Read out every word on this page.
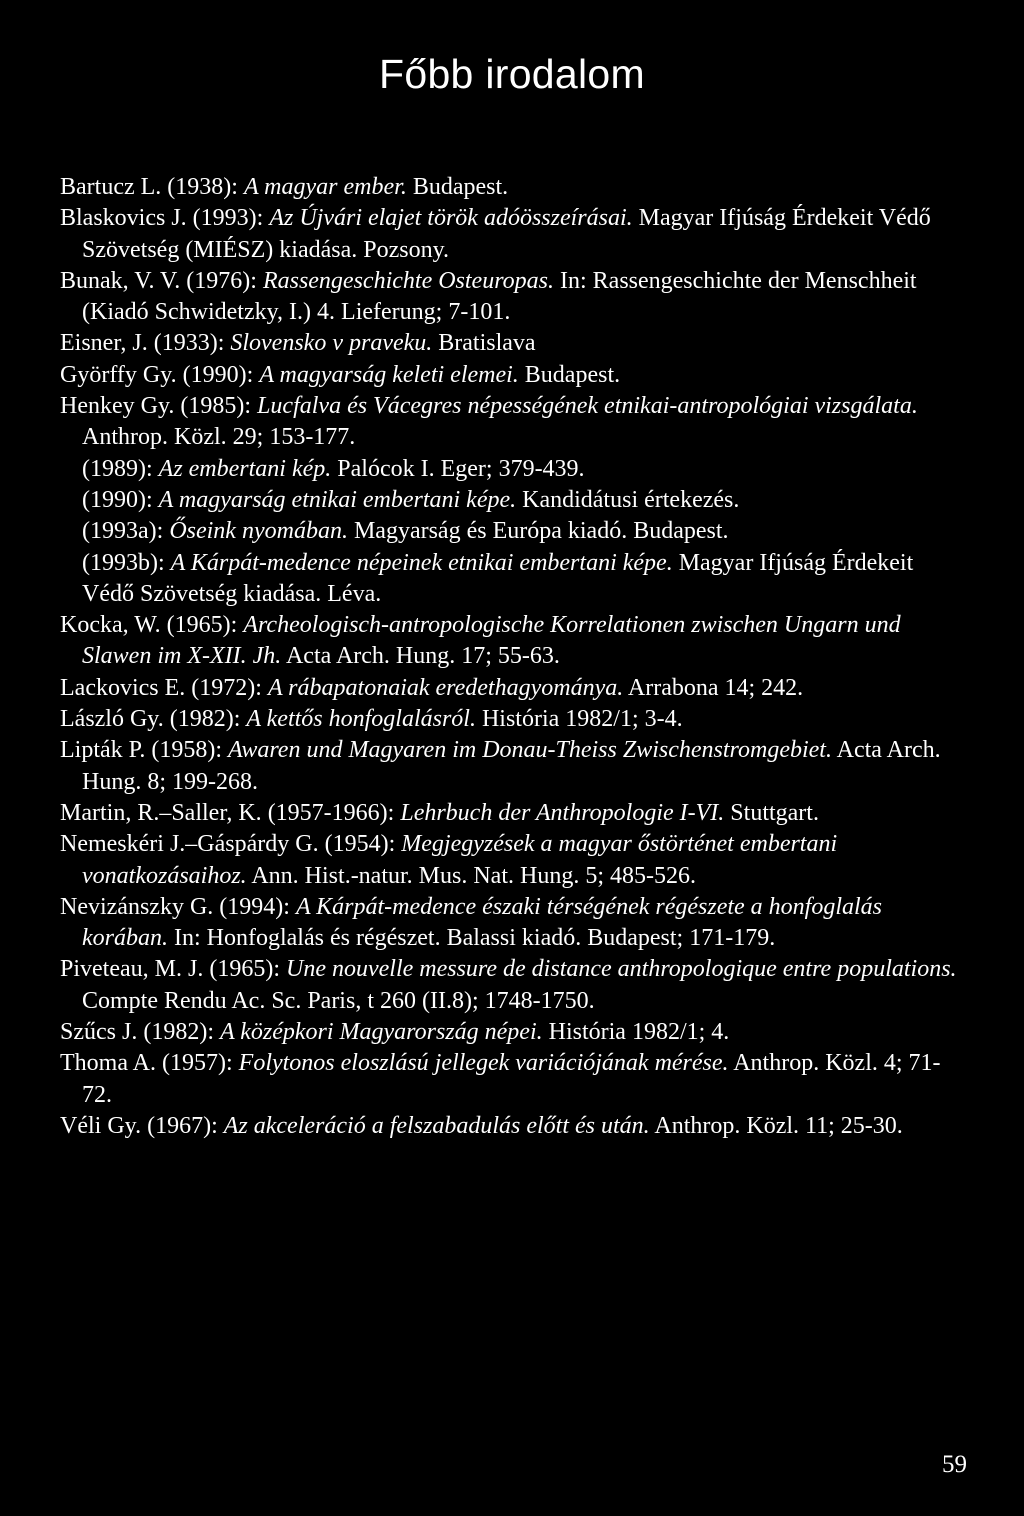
Főbb irodalom

Bartucz L. (1938): A magyar ember. Budapest.

Blaskovics J. (1993): Az Újvári elajet török adóösszeírásai. Magyar Ifjúság Érdekeit Védő Szövetség (MIÉSZ) kiadása. Pozsony.

Bunak, V. V. (1976): Rassengeschichte Osteuropas. In: Rassengeschichte der Menschheit (Kiadó Schwidetzky, I.) 4. Lieferung; 7-101.

Eisner, J. (1933): Slovensko v praveku. Bratislava

Györffy Gy. (1990): A magyarság keleti elemei. Budapest.

Henkey Gy. (1985): Lucfalva és Vácegres népességének etnikai-antropológiai vizsgálata. Anthrop. Közl. 29; 153-177.

(1989): Az embertani kép. Palócok I. Eger; 379-439.

(1990): A magyarság etnikai embertani képe. Kandidátusi értekezés.

(1993a): Őseink nyomában. Magyarság és Európa kiadó. Budapest.

(1993b): A Kárpát-medence népeinek etnikai embertani képe. Magyar Ifjúság Érdekeit Védő Szövetség kiadása. Léva.

Kocka, W. (1965): Archeologisch-antropologische Korrelationen zwischen Ungarn und Slawen im X-XII. Jh. Acta Arch. Hung. 17; 55-63.

Lackovics E. (1972): A rábapatonaiak eredethagyománya. Arrabona 14; 242.

László Gy. (1982): A kettős honfoglalásról. História 1982/1; 3-4.

Lipták P. (1958): Awaren und Magyaren im Donau-Theiss Zwischenstromgebiet. Acta Arch. Hung. 8; 199-268.

Martin, R.–Saller, K. (1957-1966): Lehrbuch der Anthropologie I-VI. Stuttgart.

Nemeskéri J.–Gáspárdy G. (1954): Megjegyzések a magyar őstörténet embertani vonatkozásaihoz. Ann. Hist.-natur. Mus. Nat. Hung. 5; 485-526.

Nevizánszky G. (1994): A Kárpát-medence északi térségének régészete a honfoglalás korában. In: Honfoglalás és régészet. Balassi kiadó. Budapest; 171-179.

Piveteau, M. J. (1965): Une nouvelle messure de distance anthropologique entre populations. Compte Rendu Ac. Sc. Paris, t 260 (II.8); 1748-1750.

Szűcs J. (1982): A középkori Magyarország népei. História 1982/1; 4.

Thoma A. (1957): Folytonos eloszlású jellegek variációjának mérése. Anthrop. Közl. 4; 71-72.

Véli Gy. (1967): Az akceleráció a felszabadulás előtt és után. Anthrop. Közl. 11; 25-30.

59
